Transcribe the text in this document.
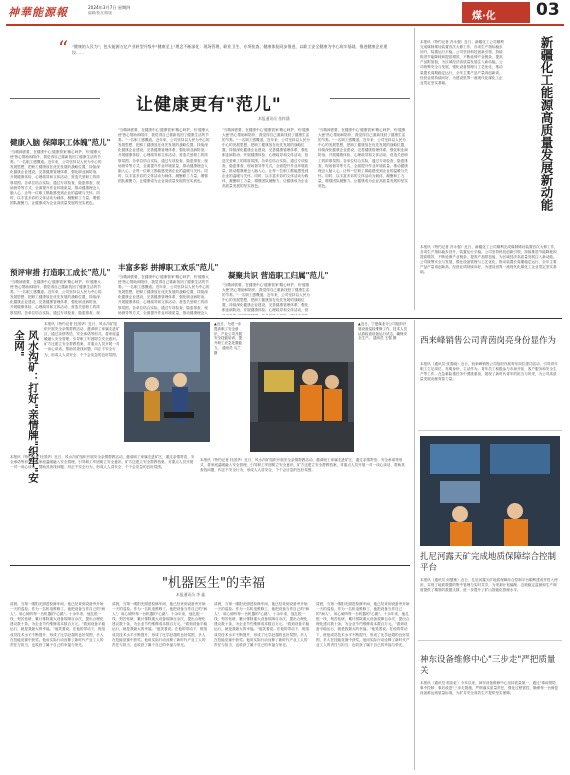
神華能源報	2024年3月7日 星期四
编辑/校对/排版	煤·化 03
"健康的人民为"，包头能源万亿产业转型升级中"健康至上"理念不断深化：现场管理、职业卫生、专项检查、健康体检同步推进，以职工安全健康为中心筑牢基础，推进健康企业建设……
“
让健康更有"范儿"
本报通讯员 张梓涵
健康入脑 保障职工体魄"范儿"
"当精神需要，在健康中心'健康管家'精心呵护，有'健康大使'热心帮助和陪伴，我觉得自己重新找回了健康生活的节奏。"一名职工感慨道。近年来，公司坚持以人民为中心的发展思想，把职工健康放在优先发展的战略位置，持续深化健康企业建设，完善健康管理体系，强化职业病防治，开展健康体检、心理疏导和文体活动，营造关爱职工的浓厚氛围。各单位结合实际，通过专项检查、隐患排查、现场督导等方式，全面提升作业环境质量，推动健康理念入脑入心，让每一位职工都能感受到企业的温暖与关怀。同时，以丰富多彩的文体活动为载体，凝聚职工力量，增强团队凝聚力，让健康成为企业高质量发展的坚实底色。
预评审措 打造职工成长"范儿"
"当精神需要，在健康中心'健康管家'精心呵护，有'健康大使'热心帮助和陪伴，我觉得自己重新找回了健康生活的节奏。"一名职工感慨道。近年来，公司坚持以人民为中心的发展思想，把职工健康放在优先发展的战略位置，持续深化健康企业建设，完善健康管理体系，强化职业病防治，开展健康体检、心理疏导和文体活动，营造关爱职工的浓厚氛围。各单位结合实际，通过专项检查、隐患排查、现
"当精神需要，在健康中心'健康管家'精心呵护，有'健康大使'热心帮助和陪伴，我觉得自己重新找回了健康生活的节奏。"一名职工感慨道。近年来，公司坚持以人民为中心的发展思想，把职工健康放在优先发展的战略位置，持续深化健康企业建设，完善健康管理体系，强化职业病防治，开展健康体检、心理疏导和文体活动，营造关爱职工的浓厚氛围。各单位结合实际，通过专项检查、隐患排查、现场督导等方式，全面提升作业环境质量，推动健康理念入脑入心，让每一位职工都能感受到企业的温暖与关怀。同时，以丰富多彩的文体活动为载体，凝聚职工力量，增强团队凝聚力，让健康成为企业高质量发展的坚实底色。
丰富多彩 拼搏职工欢乐"范儿"
"当精神需要，在健康中心'健康管家'精心呵护，有'健康大使'热心帮助和陪伴，我觉得自己重新找回了健康生活的节奏。"一名职工感慨道。近年来，公司坚持以人民为中心的发展思想，把职工健康放在优先发展的战略位置，持续深化健康企业建设，完善健康管理体系，强化职业病防治，开展健康体检、心理疏导和文体活动，营造关爱职工的浓厚氛围。各单位结合实际，通过专项检查、隐患排查、现场督导等方式，全面提升作业环境质量，推动健康理念入
"当精神需要，在健康中心'健康管家'精心呵护，有'健康大使'热心帮助和陪伴，我觉得自己重新找回了健康生活的节奏。"一名职工感慨道。近年来，公司坚持以人民为中心的发展思想，把职工健康放在优先发展的战略位置，持续深化健康企业建设，完善健康管理体系，强化职业病防治，开展健康体检、心理疏导和文体活动，营造关爱职工的浓厚氛围。各单位结合实际，通过专项检查、隐患排查、现场督导等方式，全面提升作业环境质量，推动健康理念入脑入心，让每一位职工都能感受到企业的温暖与关怀。同时，以丰富多彩的文体活动为载体，凝聚职工力量，增强团队凝聚力，让健康成为企业高质量发展的坚实底色。
凝聚共识 营造职工归属"范儿"
"当精神需要，在健康中心'健康管家'精心呵护，有'健康大使'热心帮助和陪伴，我觉得自己重新找回了健康生活的节奏。"一名职工感慨道。近年来，公司坚持以人民为中心的发展思想，把职工健康放在优先发展的战略位置，持续深化健康企业建设，完善健康管理体系，强化职业病防治，开展健康体检、心理疏导和文体活动，营
"当精神需要，在健康中心'健康管家'精心呵护，有'健康大使'热心帮助和陪伴，我觉得自己重新找回了健康生活的节奏。"一名职工感慨道。近年来，公司坚持以人民为中心的发展思想，把职工健康放在优先发展的战略位置，持续深化健康企业建设，完善健康管理体系，强化职业病防治，开展健康体检、心理疏导和文体活动，营造关爱职工的浓厚氛围。各单位结合实际，通过专项检查、隐患排查、现场督导等方式，全面提升作业环境质量，推动健康理念入脑入心，让每一位职工都能感受到企业的温暖与关怀。同时，以丰富多彩的文体活动为载体，凝聚职工力量，增强团队凝聚力，让健康成为企业高质量发展的坚实底色。	新疆化工能源高质量发展新动能
本报讯（特约记者 冯永强）近日，新疆化工公司顺利完成煤制烯烃装置首次大修工作，各项生产指标稳步回升，装置运行平稳。公司坚持科技创新引领，持续推进节能降耗和提质增效，不断延伸产业链条，提高产品附加值，为区域经济高质量发展注入新动能。公司统筹安全与发展，强化设备管理与工艺优化，推动装置长周期稳定运行，全年主要产品产量再创新高，经营业绩持续向好，为建设世界一流现代化煤化工企业奠定坚实基础。
本报讯（特约记者 冯永强）近日，新疆化工公司顺利完成煤制烯烃装置首次大修工作，各项生产指标稳步回升，装置运行平稳。公司坚持科技创新引领，持续推进节能降耗和提质增效，不断延伸产业链条，提高产品附加值，为区域经济高质量发展注入新动能。公司统筹安全与发展，强化设备管理与工艺优化，推动装置长周期稳定运行，全年主要产品产量再创新高，经营业绩持续向好，为建设世界一流现代化煤化工企业奠定坚实基础。
风水沟矿：打好"亲情牌"织牢"安全网"
本报讯（特约记者 杜国华）近日，风水沟矿组织开展安全亲情帮教活动，邀请职工家属走进矿区，通过亲情寄语、安全承诺等形式，将家庭温暖融入安全管理，引导职工牢固树立安全意识。矿方还建立安全帮教档案，对重点人员开展一对一谈心谈话，帮助其查找问题、纠正不安全行为，形成人人讲安全、个个会应急的良好氛围。
本报讯（特约记者 杜国华）近日，风水沟矿组织开展安全亲情帮教活动，邀请职工家属走进矿区，通过亲情寄语、安全承诺等形式，将家庭温暖融入安全管理，引导职工牢固树立安全意识。矿方还建立安全帮教档案，对重点人员开展一对一谈心谈话，帮助其查找问题、纠正不安全行为，形成人人讲安全、个个会应急的良好氛围。
▲近日，为进一步提高职工安全意识，产业公司开展安全技能培训，提升职工应急处置能力。 通讯员 乌兰 摄
▲近日，宁夏煤业分公司组织开展设备巡检维修工作，技术人员认真检查设备运行状态，确保安全生产。 通讯员 王强 摄
本报讯（特约记者 杜国华）近日，风水沟矿组织开展安全亲情帮教活动，邀请职工家属走进矿区，通过亲情寄语、安全承诺等形式，将家庭温暖融入安全管理，引导职工牢固树立安全意识。矿方还建立安全帮教档案，对重点人员开展一对一谈心谈话，帮助其查找问题、纠正不安全行为，形成人人讲安全、个个会应急的良好氛围。
"机器医生"的幸福
本报通讯员 李 鑫
清晨，当第一缕阳光照进检修车间，他已经来到设备旁开始一天的巡检。作为一名机电维修工，他把设备当作自己的"病人"，用心倾听每一台机器的"心跳"。十余年来，他扎根一线，刻苦钻研，累计排除重大设备故障百余次，提出合理化建议数十条，为企业节约维修成本数百万元。"看到设备平稳运行，就是我最大的幸福。"他笑着说。在他的带动下，班组成员技术水平不断提升，形成了比学赶超的良好氛围，多人在技能竞赛中获奖。他用实际行动诠释了新时代产业工人的责任与担当，也收获了属于自己的幸福与荣光。
清晨，当第一缕阳光照进检修车间，他已经来到设备旁开始一天的巡检。作为一名机电维修工，他把设备当作自己的"病人"，用心倾听每一台机器的"心跳"。十余年来，他扎根一线，刻苦钻研，累计排除重大设备故障百余次，提出合理化建议数十条，为企业节约维修成本数百万元。"看到设备平稳运行，就是我最大的幸福。"他笑着说。在他的带动下，班组成员技术水平不断提升，形成了比学赶超的良好氛围，多人在技能竞赛中获奖。他用实际行动诠释了新时代产业工人的责任与担当，也收获了属于自己的幸福与荣光。
清晨，当第一缕阳光照进检修车间，他已经来到设备旁开始一天的巡检。作为一名机电维修工，他把设备当作自己的"病人"，用心倾听每一台机器的"心跳"。十余年来，他扎根一线，刻苦钻研，累计排除重大设备故障百余次，提出合理化建议数十条，为企业节约维修成本数百万元。"看到设备平稳运行，就是我最大的幸福。"他笑着说。在他的带动下，班组成员技术水平不断提升，形成了比学赶超的良好氛围，多人在技能竞赛中获奖。他用实际行动诠释了新时代产业工人的责任与担当，也收获了属于自己的幸福与荣光。
清晨，当第一缕阳光照进检修车间，他已经来到设备旁开始一天的巡检。作为一名机电维修工，他把设备当作自己的"病人"，用心倾听每一台机器的"心跳"。十余年来，他扎根一线，刻苦钻研，累计排除重大设备故障百余次，提出合理化建议数十条，为企业节约维修成本数百万元。"看到设备平稳运行，就是我最大的幸福。"他笑着说。在他的带动下，班组成员技术水平不断提升，形成了比学赶超的良好氛围，多人在技能竞赛中获奖。他用实际行动诠释了新时代产业工人的责任与担当，也收获了属于自己的幸福与荣光。
西来峰销售公司青茵岗亮身份显作为
本报讯（通讯员 张春晓）近日，西来峰销售公司组织开展青年岗位建功活动，引导青年职工立足岗位、亮明身份、主动作为。青年员工积极参与市场开拓、客户服务和安全生产等工作，在急难险重任务中勇挑重担，展现了新时代青年的担当与风采，为公司高质量发展贡献青春力量。
扎尼河露天矿完成地质保障综合控制平台
本报讯（通讯员 何慧敏）近日，扎尼河露天矿地质保障综合控制平台顺利建成并投入使用，实现了地质数据的集中管理与实时共享，为采剥计划编制、边坡稳定监测和生产调度提供了精准的数据支撑，进一步提升了矿山智能化管理水平。
神东设备维修中心"三步走"严把质量关
本报讯（通讯员 郭彩虹）今年以来，神东设备维修中心坚持质量第一，通过"事前预防、事中控制、事后改进"三步走措施，严格落实质量责任，强化过程管控，确保每一台修复设备都达到质量标准，为矿井安全高效生产提供坚实保障。
